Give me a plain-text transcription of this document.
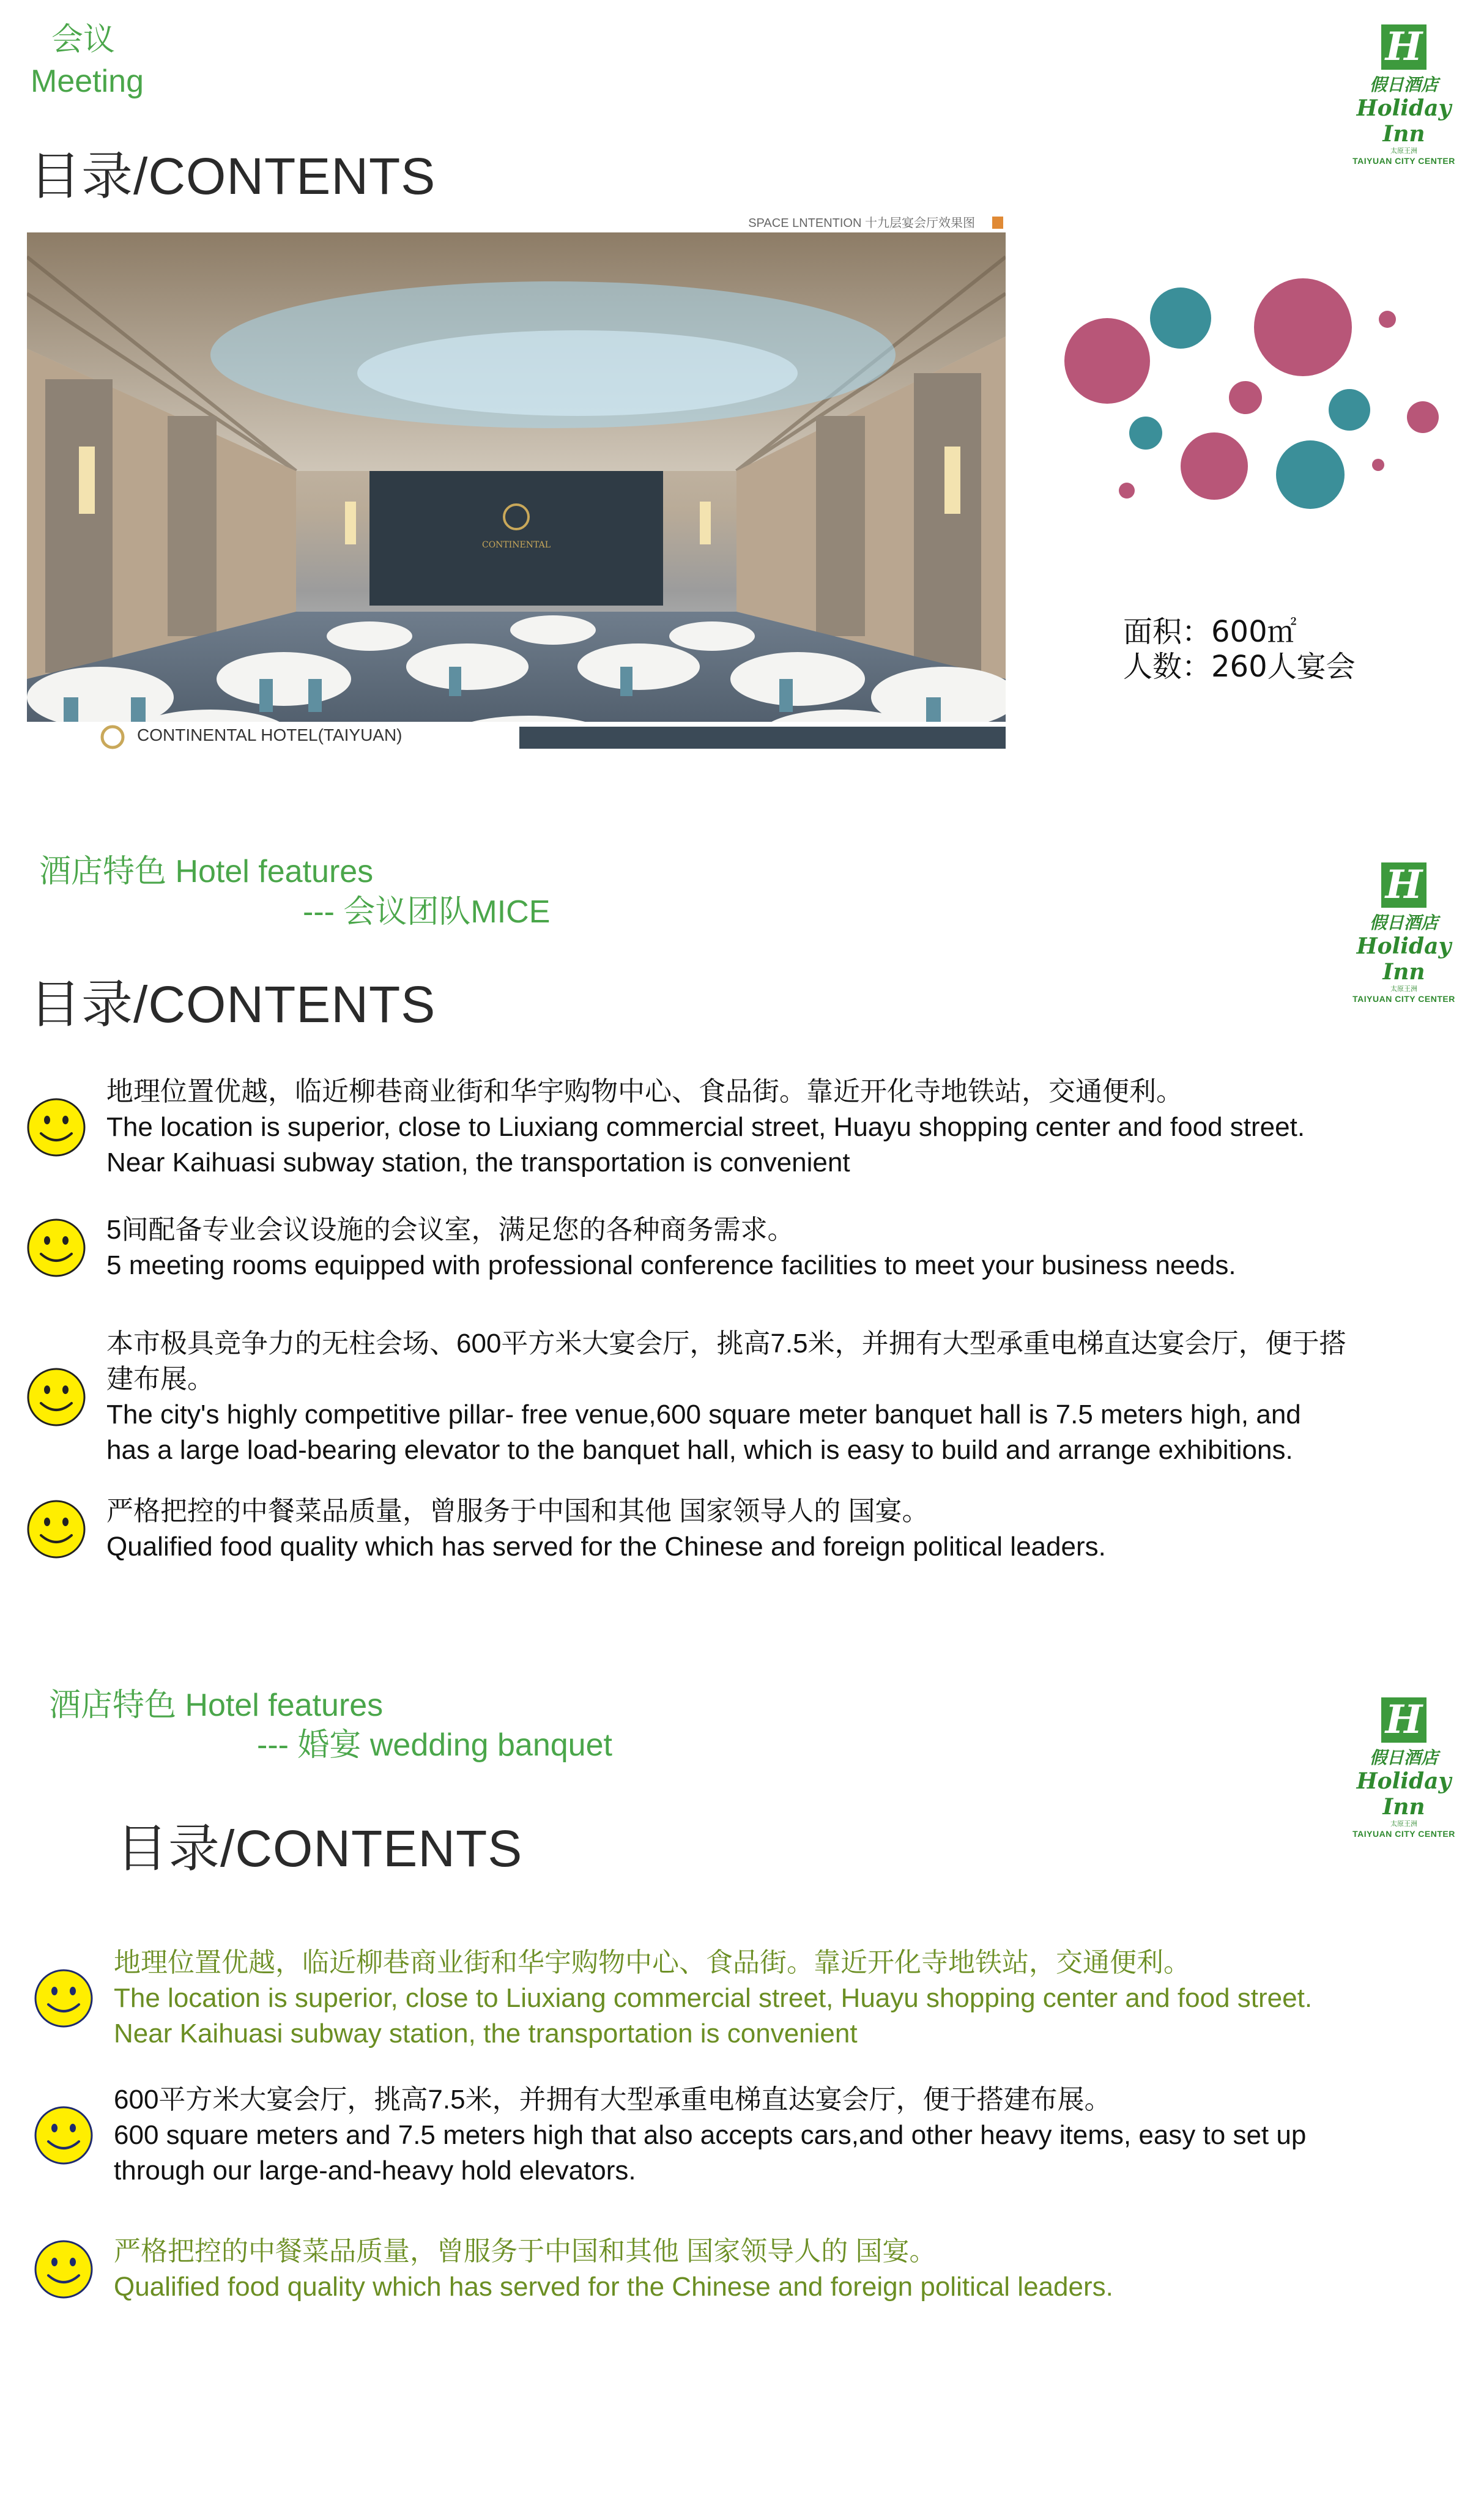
会议
Meeting
H
假日酒店
Holiday Inn
太原王洲
TAIYUAN CITY CENTER
目录/CONTENTS
CONTINENTAL
SPACE LNTENTION 十九层宴会厅效果图
CONTINENTAL HOTEL(TAIYUAN)
面积：600㎡
人数：260人宴会
酒店特色 Hotel features
--- 会议团队MICE
H
假日酒店
Holiday Inn
太原王洲
TAIYUAN CITY CENTER
目录/CONTENTS
地理位置优越，临近柳巷商业街和华宇购物中心、食品街。靠近开化寺地铁站，交通便利。
The location is superior, close to Liuxiang commercial street, Huayu shopping center and food street.
Near Kaihuasi subway station, the transportation is convenient
5间配备专业会议设施的会议室，满足您的各种商务需求。
5 meeting rooms equipped with professional conference facilities to meet your business needs.
本市极具竞争力的无柱会场、600平方米大宴会厅，挑高7.5米，并拥有大型承重电梯直达宴会厅，便于搭
建布展。
The city's highly competitive pillar- free venue,600 square meter banquet hall is 7.5 meters high, and
has a large load-bearing elevator to the banquet hall, which is easy to build and arrange exhibitions.
严格把控的中餐菜品质量，曾服务于中国和其他 国家领导人的 国宴。
Qualified food quality which has served for the Chinese and foreign political leaders.
酒店特色 Hotel features
--- 婚宴 wedding banquet
H
假日酒店
Holiday Inn
太原王洲
TAIYUAN CITY CENTER
目录/CONTENTS
地理位置优越，临近柳巷商业街和华宇购物中心、食品街。靠近开化寺地铁站，交通便利。
The location is superior, close to Liuxiang commercial street, Huayu shopping center and food street.
Near Kaihuasi subway station, the transportation is convenient
600平方米大宴会厅，挑高7.5米，并拥有大型承重电梯直达宴会厅，便于搭建布展。
600 square meters and 7.5 meters high that also accepts cars,and other heavy items, easy to set up
through our large-and-heavy hold elevators.
严格把控的中餐菜品质量，曾服务于中国和其他 国家领导人的 国宴。
Qualified food quality which has served for the Chinese and foreign political leaders.
